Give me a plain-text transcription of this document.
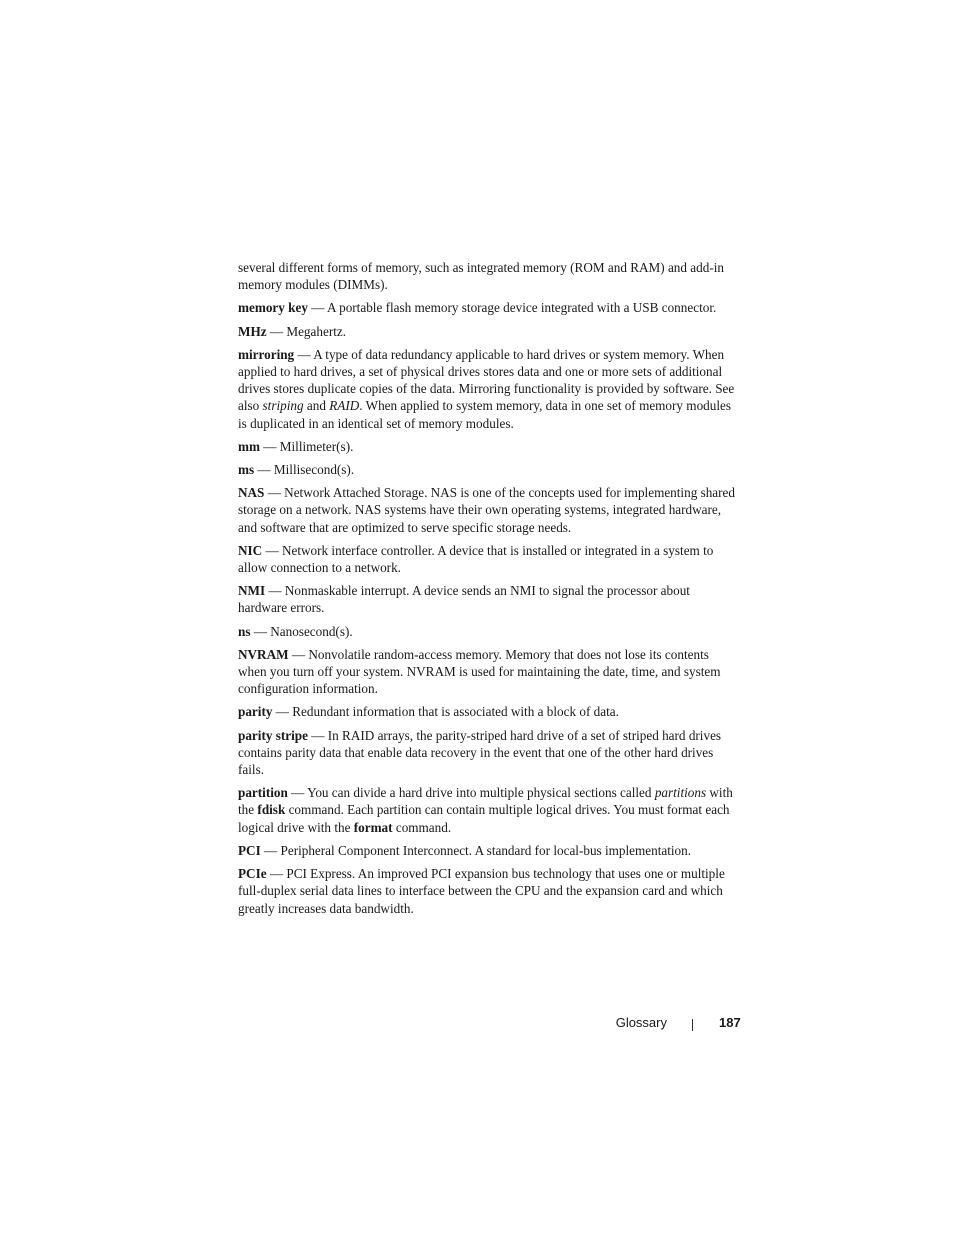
several different forms of memory, such as integrated memory (ROM and RAM) and add-in memory modules (DIMMs).

memory key — A portable flash memory storage device integrated with a USB connector.

MHz — Megahertz.

mirroring — A type of data redundancy applicable to hard drives or system memory. When applied to hard drives, a set of physical drives stores data and one or more sets of additional drives stores duplicate copies of the data. Mirroring functionality is provided by software. See also striping and RAID. When applied to system memory, data in one set of memory modules is duplicated in an identical set of memory modules.

mm — Millimeter(s).

ms — Millisecond(s).

NAS — Network Attached Storage. NAS is one of the concepts used for implementing shared storage on a network. NAS systems have their own operating systems, integrated hardware, and software that are optimized to serve specific storage needs.

NIC — Network interface controller. A device that is installed or integrated in a system to allow connection to a network.

NMI — Nonmaskable interrupt. A device sends an NMI to signal the processor about hardware errors.

ns — Nanosecond(s).

NVRAM — Nonvolatile random-access memory. Memory that does not lose its contents when you turn off your system. NVRAM is used for maintaining the date, time, and system configuration information.

parity — Redundant information that is associated with a block of data.

parity stripe — In RAID arrays, the parity-striped hard drive of a set of striped hard drives contains parity data that enable data recovery in the event that one of the other hard drives fails.

partition — You can divide a hard drive into multiple physical sections called partitions with the fdisk command. Each partition can contain multiple logical drives. You must format each logical drive with the format command.

PCI — Peripheral Component Interconnect. A standard for local-bus implementation.

PCIe — PCI Express. An improved PCI expansion bus technology that uses one or multiple full-duplex serial data lines to interface between the CPU and the expansion card and which greatly increases data bandwidth.

Glossary	187
